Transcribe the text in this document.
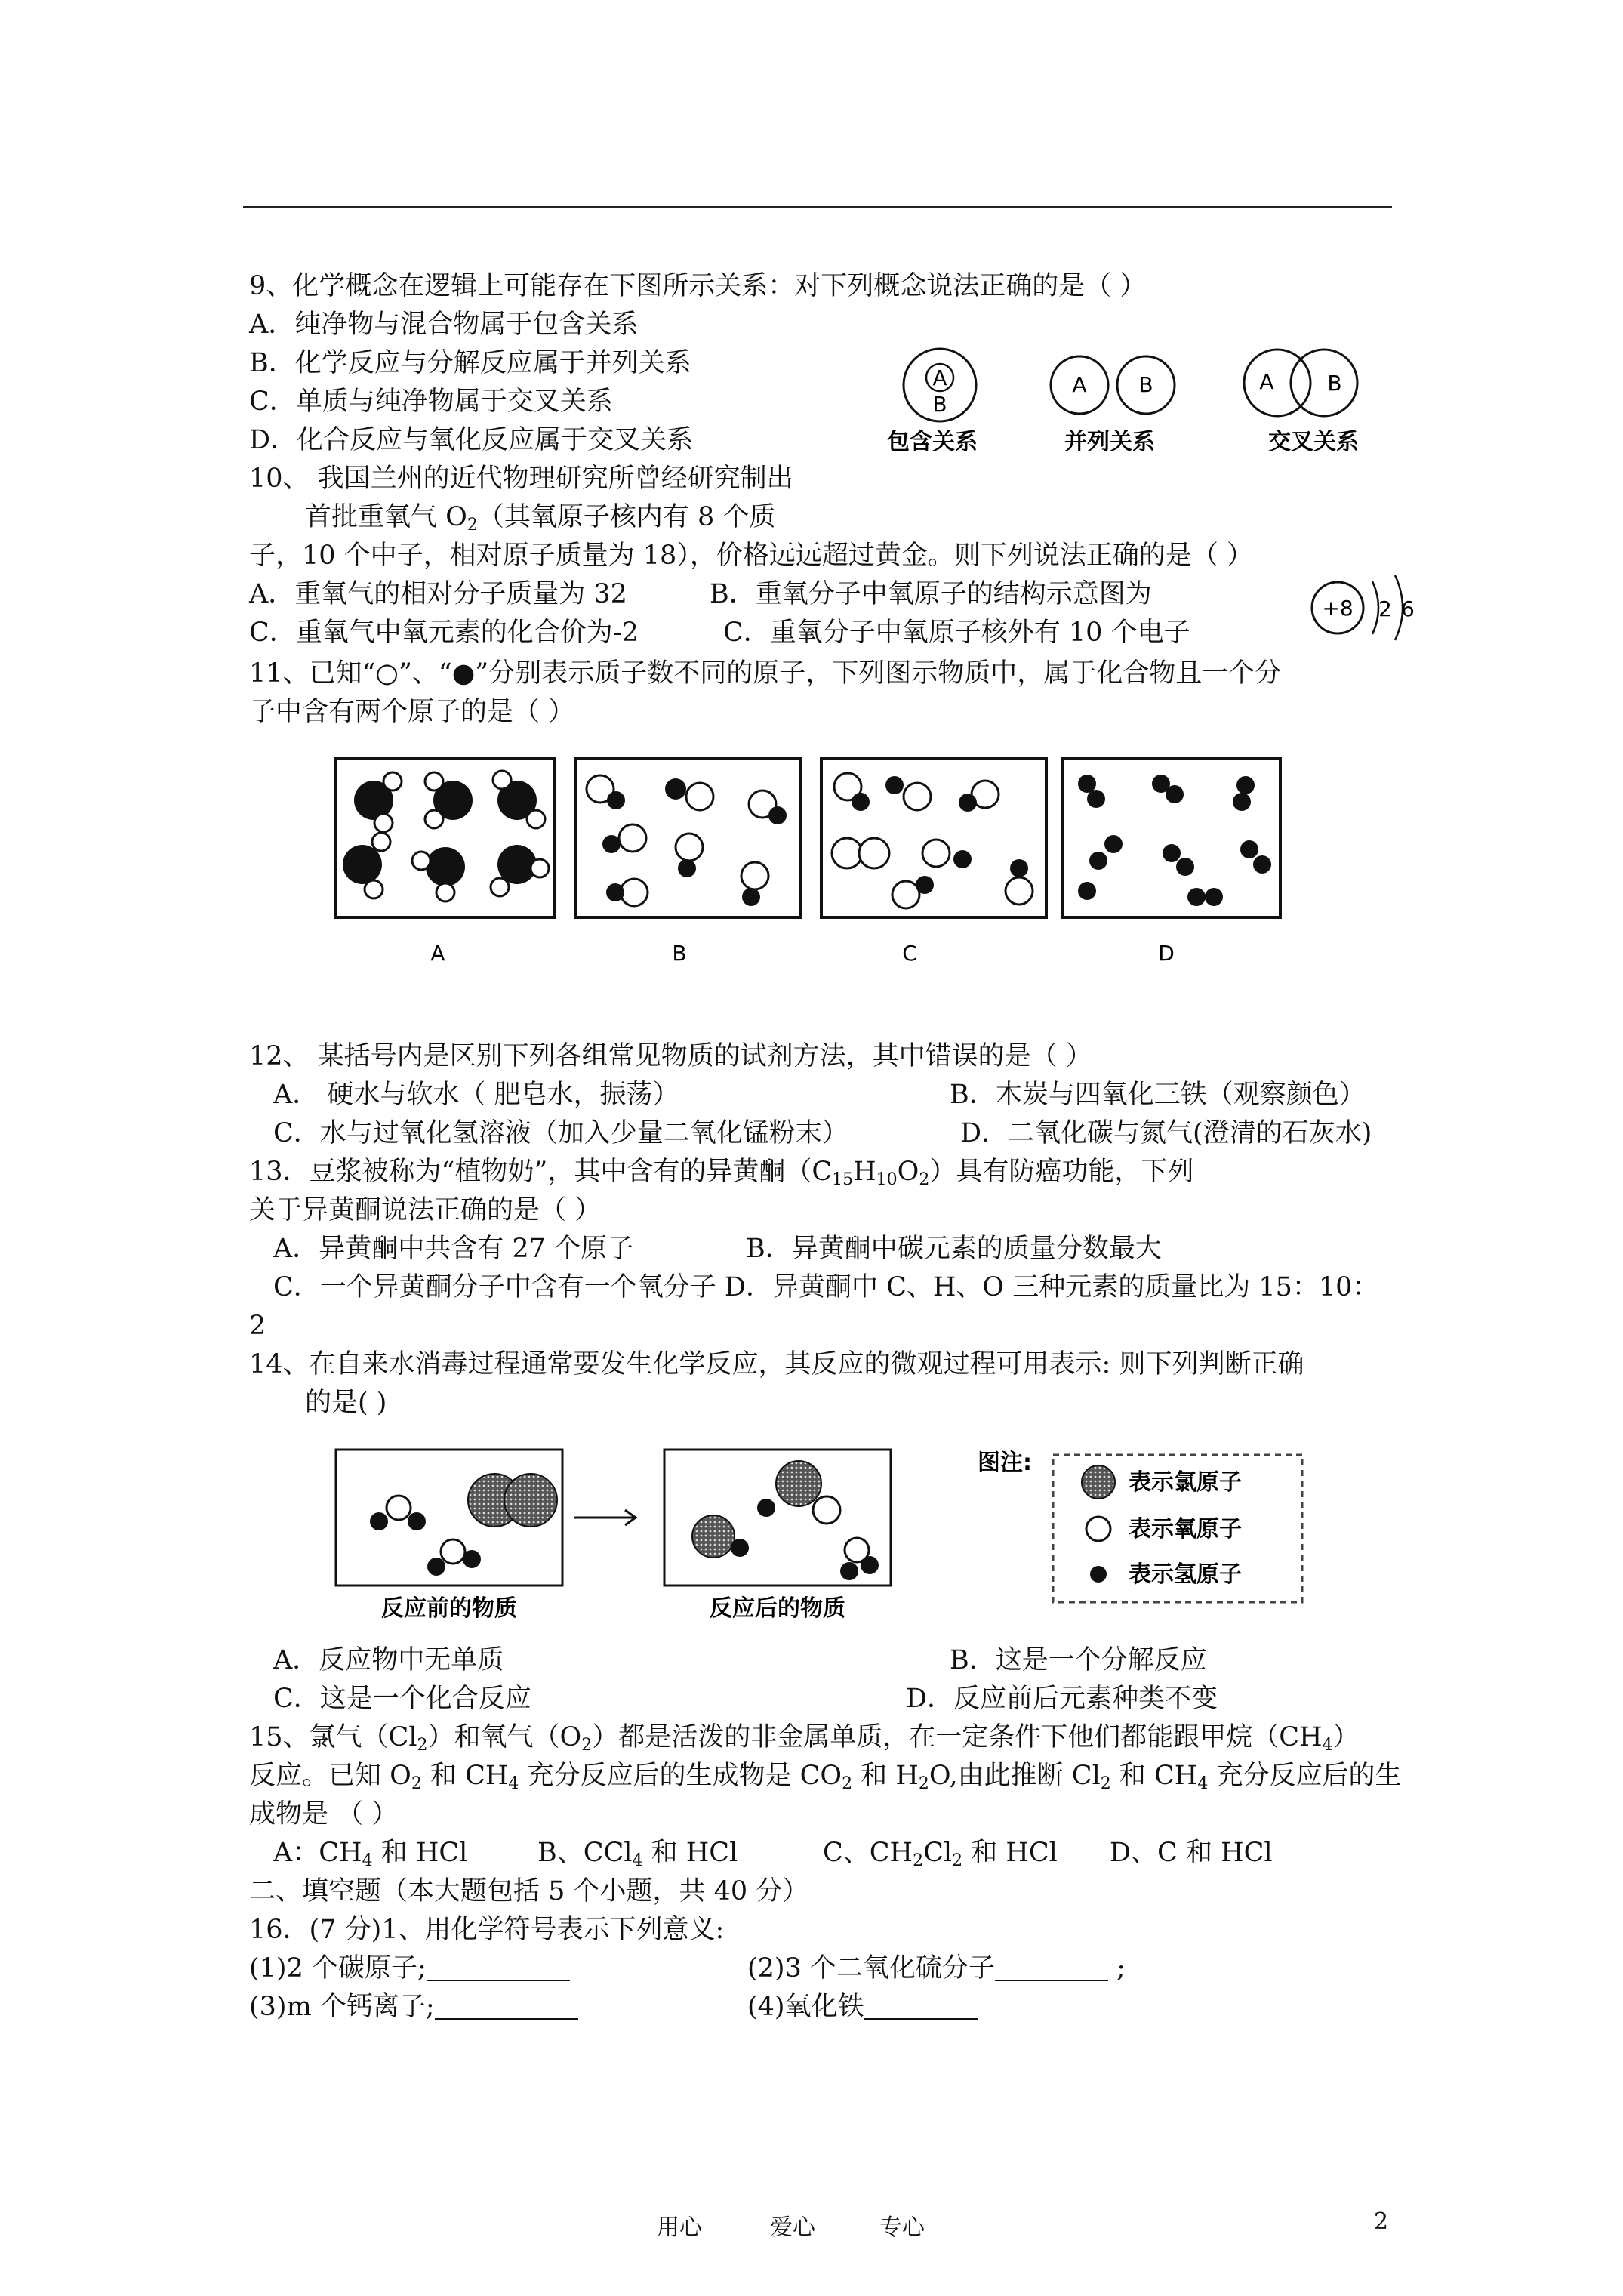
9、化学概念在逻辑上可能存在下图所示关系：对下列概念说法正确的是（ ）
A．纯净物与混合物属于包含关系
B．化学反应与分解反应属于并列关系
C．单质与纯净物属于交叉关系
D．化合反应与氧化反应属于交叉关系
A
B
包含关系
A B
并列关系
A	B
交叉关系
10、 我国兰州的近代物理研究所曾经研究制出
首批重氧气 $O_2$（其氧原子核内有 8 个质
子，10 个中子，相对原子质量为 18），价格远远超过黄金。则下列说法正确的是（ ）
A．重氧气的相对分子质量为 32	B．重氧分子中氧原子的结构示意图为
C．重氧气中氧元素的化合价为-2	C．重氧分子中氧原子核外有 10 个电子
+8 2 6
11、已知“○”、“●”分别表示质子数不同的原子，下列图示物质中，属于化合物且一个分
子中含有两个原子的是（ ）
A	B	C	D
12、 某括号内是区别下列各组常见物质的试剂方法，其中错误的是（ ）
A． 硬水与软水（ 肥皂水，振荡）	B．木炭与四氧化三铁（观察颜色）
C．水与过氧化氢溶液（加入少量二氧化锰粉末）	D．二氧化碳与氮气(澄清的石灰水)
13．豆浆被称为“植物奶”，其中含有的异黄酮$(C_{15}H_{10}O_2)$具有防癌功能，下列
关于异黄酮说法正确的是（ ）
A．异黄酮中共含有 27 个原子	B．异黄酮中碳元素的质量分数最大
C．一个异黄酮分子中含有一个氧分子 D．异黄酮中 C、H、O 三种元素的质量比为 15：10：
2
14、在自来水消毒过程通常要发生化学反应，其反应的微观过程可用表示: 则下列判断正确
的是( )
反应前的物质	反应后的物质
图注:
表示氯原子
表示氧原子
表示氢原子
A．反应物中无单质	B．这是一个分解反应
C．这是一个化合反应	D．反应前后元素种类不变
15、氯气$(Cl_2)$和氧气$(O_2)$都是活泼的非金属单质，在一定条件下他们都能跟甲烷$(CH_4)$
反应。已知 $O_2$ 和 $CH_4$ 充分反应后的生成物是 $CO_2$ 和 $H_2O$,由此推断 $Cl_2$ 和 $CH_4$ 充分反应后的生
成物是 （ ）
A：$CH_4$ 和 HCl	B、CCl$_4$ 和 HCl	C、$CH_2Cl_2$ 和 HCl D、C 和 HCl
二、填空题（本大题包括 5 个小题，共 40 分）
16．(7 分)1、用化学符号表示下列意义:
(1)2 个碳原子;	(2)3 个二氧化硫分子	;
(3)m 个钙离子;	(4)氧化铁
用心	爱心	专心	2
